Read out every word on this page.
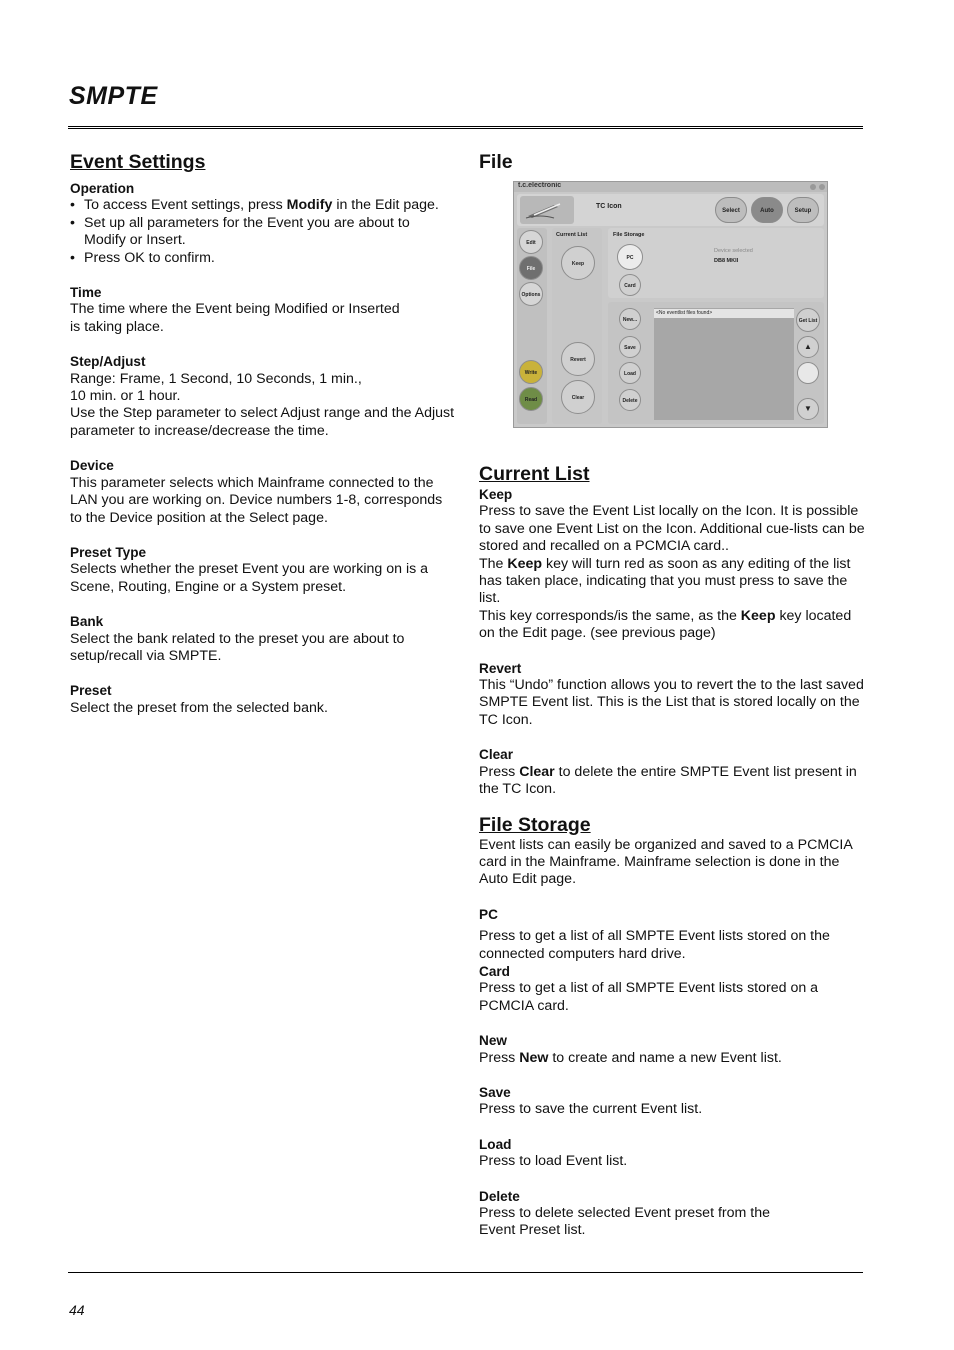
SMPTE
Event Settings

Operation

• To access Event settings, press Modify in the Edit page.
• Set up all parameters for the Event you are about to Modify or Insert.
• Press OK to confirm.

Time

The time where the Event being Modified or Inserted

is taking place.

Step/Adjust

Range: Frame, 1 Second, 10 Seconds, 1 min.,

10 min. or 1 hour.

Use the Step parameter to select Adjust range and the Adjust parameter to increase/decrease the time.

Device

This parameter selects which Mainframe connected to the LAN you are working on. Device numbers 1-8, corresponds to the Device position at the Select page.

Preset Type

Selects whether the preset Event you are working on is a Scene, Routing, Engine or a System preset.

Bank

Select the bank related to the preset you are about to setup/recall via SMPTE.

Preset

Select the preset from the selected bank.

File
Current List

Keep

Press to save the Event List locally on the Icon. It is possible to save one Event List on the Icon. Additional cue-lists can be stored and recalled on a PCMCIA card..

The Keep key will turn red as soon as any editing of the list has taken place, indicating that you must press to save the list.

This key corresponds/is the same, as the Keep key located on the Edit page. (see previous page)

Revert

This “Undo” function allows you to revert the to the last saved SMPTE Event list. This is the List that is stored locally on the TC Icon.

Clear

Press Clear to delete the entire SMPTE Event list present in the TC Icon.

File Storage

Event lists can easily be organized and saved to a PCMCIA card in the Mainframe. Mainframe selection is done in the Auto Edit page.

PC

Press to get a list of all SMPTE Event lists stored on the connected computers hard drive.

Card

Press to get a list of all SMPTE Event lists stored on a PCMCIA card.

New

Press New to create and name a new Event list.

Save

Press to save the current Event list.

Load

Press to load Event list.

Delete

Press to delete selected Event preset from the

Event Preset list.

t.c.electronic
TC Icon
Select	Auto	Setup
Edit
File
Options
Write
Read
Current List
Keep
Revert
Clear
File Storage
PC
Card
Device selected
DB8 MKII
New...
Save
Load
Delete
<No eventlist files found>
Get List
▲
▼
44
